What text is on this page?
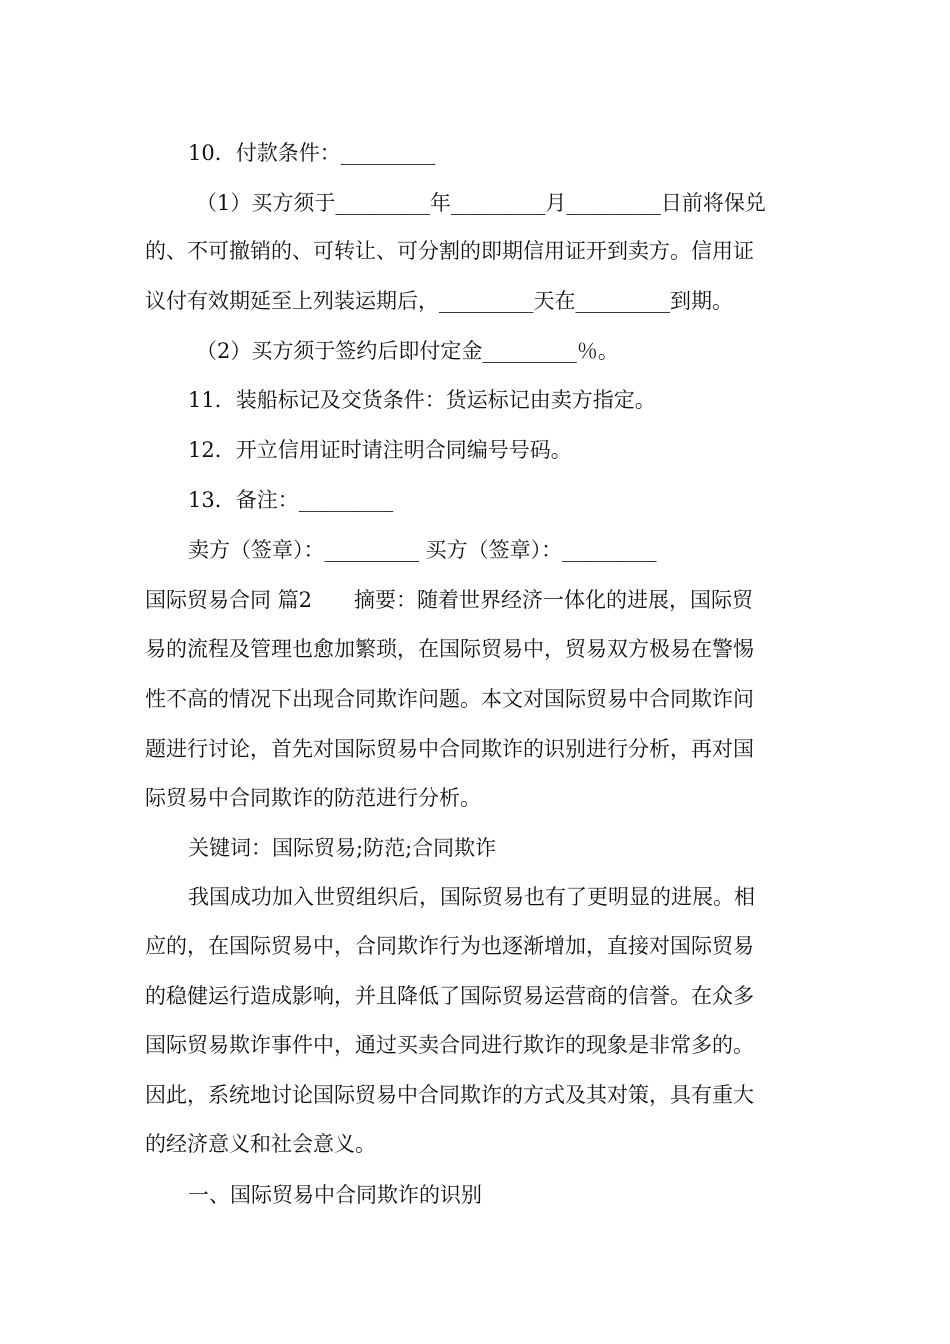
10．付款条件：_________
（1）买方须于_________年_________月_________日前将保兑
的、不可撤销的、可转让、可分割的即期信用证开到卖方。信用证
议付有效期延至上列装运期后，_________天在_________到期。
（2）买方须于签约后即付定金_________％。
11．装船标记及交货条件：货运标记由卖方指定。
12．开立信用证时请注明合同编号号码。
13．备注：_________
卖方（签章）：_________ 买方（签章）：_________
国际贸易合同 篇2　　摘要：随着世界经济一体化的进展，国际贸
易的流程及管理也愈加繁琐，在国际贸易中，贸易双方极易在警惕
性不高的情况下出现合同欺诈问题。本文对国际贸易中合同欺诈问
题进行讨论，首先对国际贸易中合同欺诈的识别进行分析，再对国
际贸易中合同欺诈的防范进行分析。
关键词：国际贸易;防范;合同欺诈
我国成功加入世贸组织后，国际贸易也有了更明显的进展。相
应的，在国际贸易中，合同欺诈行为也逐渐增加，直接对国际贸易
的稳健运行造成影响，并且降低了国际贸易运营商的信誉。在众多
国际贸易欺诈事件中，通过买卖合同进行欺诈的现象是非常多的。
因此，系统地讨论国际贸易中合同欺诈的方式及其对策，具有重大
的经济意义和社会意义。
一、国际贸易中合同欺诈的识别
